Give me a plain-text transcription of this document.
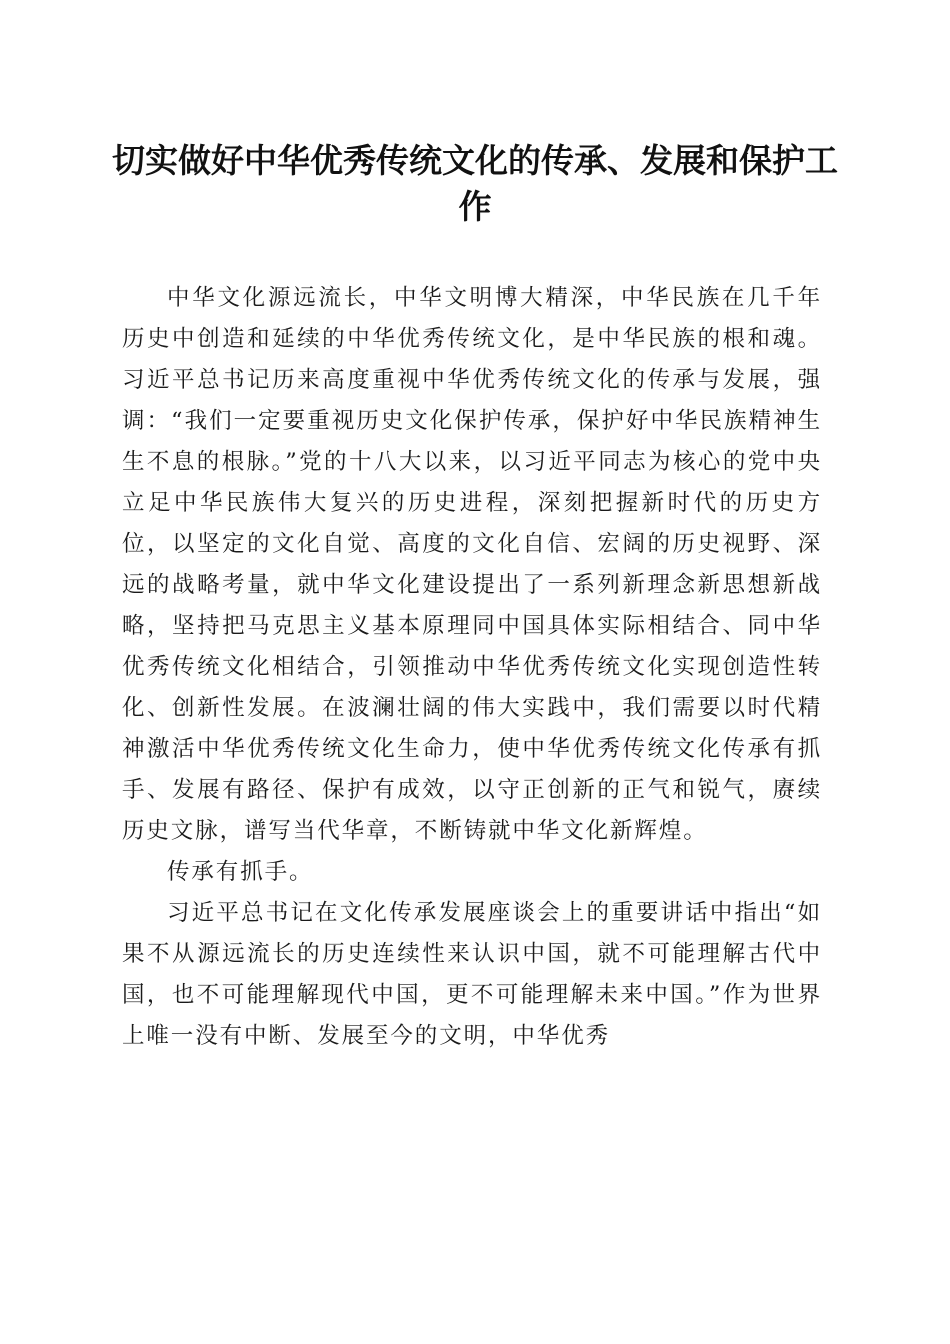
切实做好中华优秀传统文化的传承、发展和保护工作

中华文化源远流长，中华文明博大精深，中华民族在几千年历史中创造和延续的中华优秀传统文化，是中华民族的根和魂。习近平总书记历来高度重视中华优秀传统文化的传承与发展，强调：“我们一定要重视历史文化保护传承，保护好中华民族精神生生不息的根脉。”党的十八大以来，以习近平同志为核心的党中央立足中华民族伟大复兴的历史进程，深刻把握新时代的历史方位，以坚定的文化自觉、高度的文化自信、宏阔的历史视野、深远的战略考量，就中华文化建设提出了一系列新理念新思想新战略，坚持把马克思主义基本原理同中国具体实际相结合、同中华优秀传统文化相结合，引领推动中华优秀传统文化实现创造性转化、创新性发展。在波澜壮阔的伟大实践中，我们需要以时代精神激活中华优秀传统文化生命力，使中华优秀传统文化传承有抓手、发展有路径、保护有成效，以守正创新的正气和锐气，赓续历史文脉，谱写当代华章，不断铸就中华文化新辉煌。

传承有抓手。

习近平总书记在文化传承发展座谈会上的重要讲话中指出“如果不从源远流长的历史连续性来认识中国，就不可能理解古代中国，也不可能理解现代中国，更不可能理解未来中国。”作为世界上唯一没有中断、发展至今的文明，中华优秀
